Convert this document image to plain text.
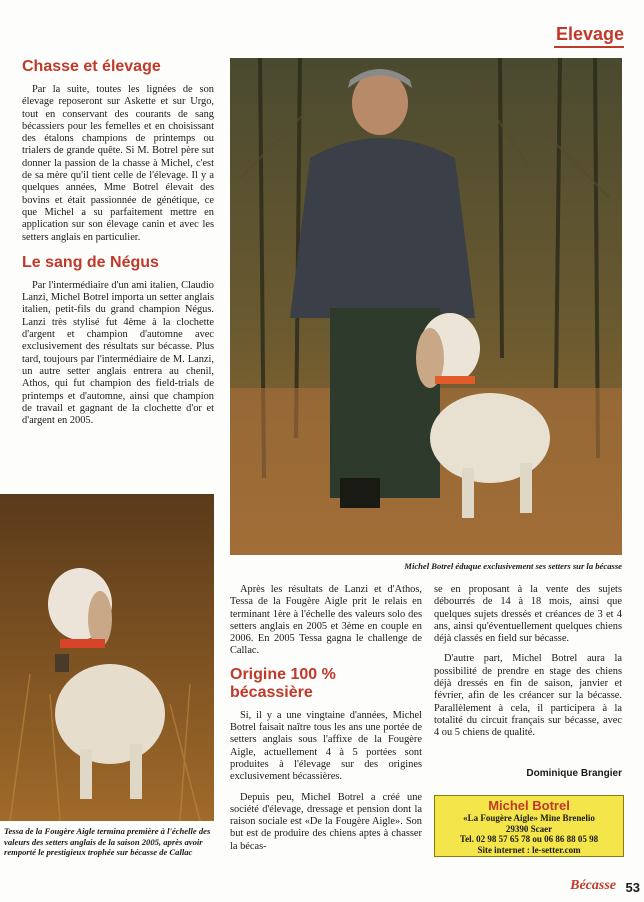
Elevage
Chasse et élevage

Par la suite, toutes les lignées de son élevage reposeront sur Askette et sur Urgo, tout en conservant des courants de sang bécassiers pour les femelles et en choisissant des étalons champions de printemps ou trialers de grande quête. Si M. Botrel père sut donner la passion de la chasse à Michel, c'est de sa mère qu'il tient celle de l'élevage. Il y a quelques années, Mme Botrel élevait des bovins et était passionnée de génétique, ce que Michel a su parfaitement mettre en application sur son élevage canin et avec les setters anglais en particulier.

Le sang de Négus

Par l'intermédiaire d'un ami italien, Claudio Lanzi, Michel Botrel importa un setter anglais italien, petit-fils du grand champion Négus. Lanzi très stylisé fut 4ème à la clochette d'argent et champion d'automne avec exclusivement des résultats sur bécasse. Plus tard, toujours par l'intermédiaire de M. Lanzi, un autre setter anglais entrera au chenil, Athos, qui fut champion des field-trials de printemps et d'automne, ainsi que champion de travail et gagnant de la clochette d'or et d'argent en 2005.

Michel Botrel éduque exclusivement ses setters sur la bécasse
Tessa de la Fougère Aigle termina première à l'échelle des valeurs des setters anglais de la saison 2005, après avoir remporté le prestigieux trophée sur bécasse de Callac

Après les résultats de Lanzi et d'Athos, Tessa de la Fougère Aigle prit le relais en terminant 1ère à l'échelle des valeurs solo des setters anglais en 2005 et 3ème en couple en 2006. En 2005 Tessa gagna le challenge de Callac.

Origine 100 % bécassière

Si, il y a une vingtaine d'années, Michel Botrel faisait naître tous les ans une portée de setters anglais sous l'affixe de la Fougère Aigle, actuellement 4 à 5 portées sont produites à l'élevage sur des origines exclusivement bécassières.

Depuis peu, Michel Botrel a créé une société d'élevage, dressage et pension dont la raison sociale est «De la Fougère Aigle». Son but est de produire des chiens aptes à chasser la bécas-

se en proposant à la vente des sujets débourrés de 14 à 18 mois, ainsi que quelques sujets dressés et créances de 3 et 4 ans, ainsi qu'éventuellement quelques chiens déjà classés en field sur bécasse.

D'autre part, Michel Botrel aura la possibilité de prendre en stage des chiens déjà dressés en fin de saison, janvier et février, afin de les créancer sur la bécasse. Parallèlement à cela, il participera à la totalité du circuit français sur bécasse, avec 4 ou 5 chiens de qualité.

Dominique Brangier
Michel Botrel
«La Fougère Aigle» Mine Brenelio
29390 Scaer
Tel. 02 98 57 65 78 ou 06 86 88 05 98
Site internet : le-setter.com
Bécasse 53
